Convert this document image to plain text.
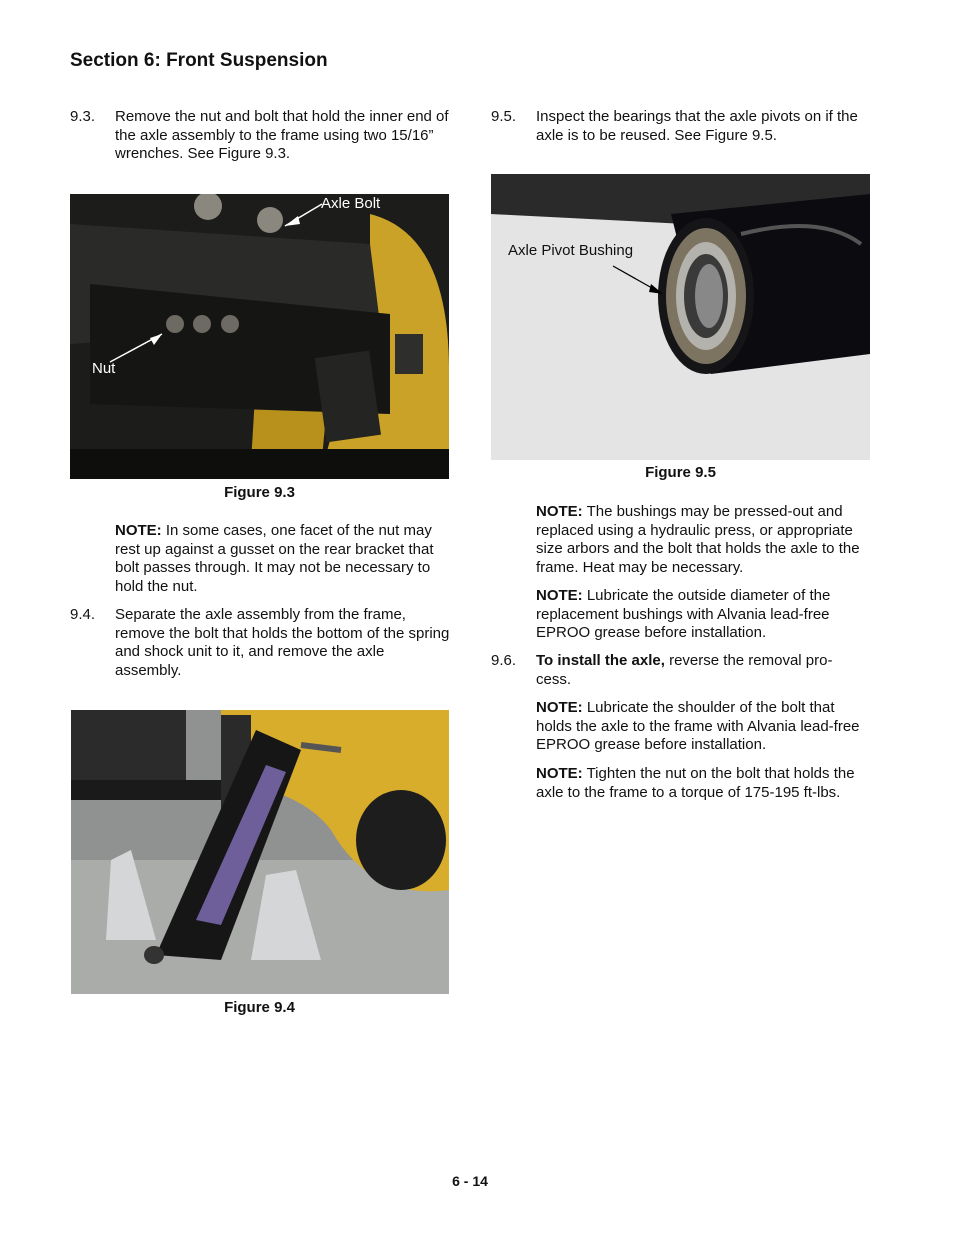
Section 6: Front Suspension
9.3. Remove the nut and bolt that hold the inner end of the axle assembly to the frame using two 15/16” wrenches. See Figure 9.3.
Axle Bolt
Nut
Figure 9.3
NOTE: In some cases, one facet of the nut may rest up against a gusset on the rear bracket that bolt passes through. It may not be necessary to hold the nut.
9.4. Separate the axle assembly from the frame, remove the bolt that holds the bottom of the spring and shock unit to it, and remove the axle assembly.
Figure 9.4
9.5. Inspect the bearings that the axle pivots on if the axle is to be reused. See Figure 9.5.
Axle Pivot Bushing
Figure 9.5
NOTE: The bushings may be pressed-out and replaced using a hydraulic press, or appropriate size arbors and the bolt that holds the axle to the frame. Heat may be necessary.
NOTE: Lubricate the outside diameter of the replacement bushings with Alvania lead-free EPROO grease before installation.
9.6. To install the axle, reverse the removal pro-cess.
NOTE: Lubricate the shoulder of the bolt that holds the axle to the frame with Alvania lead-free EPROO grease before installation.
NOTE: Tighten the nut on the bolt that holds the axle to the frame to a torque of 175-195 ft-lbs.
6 - 14
